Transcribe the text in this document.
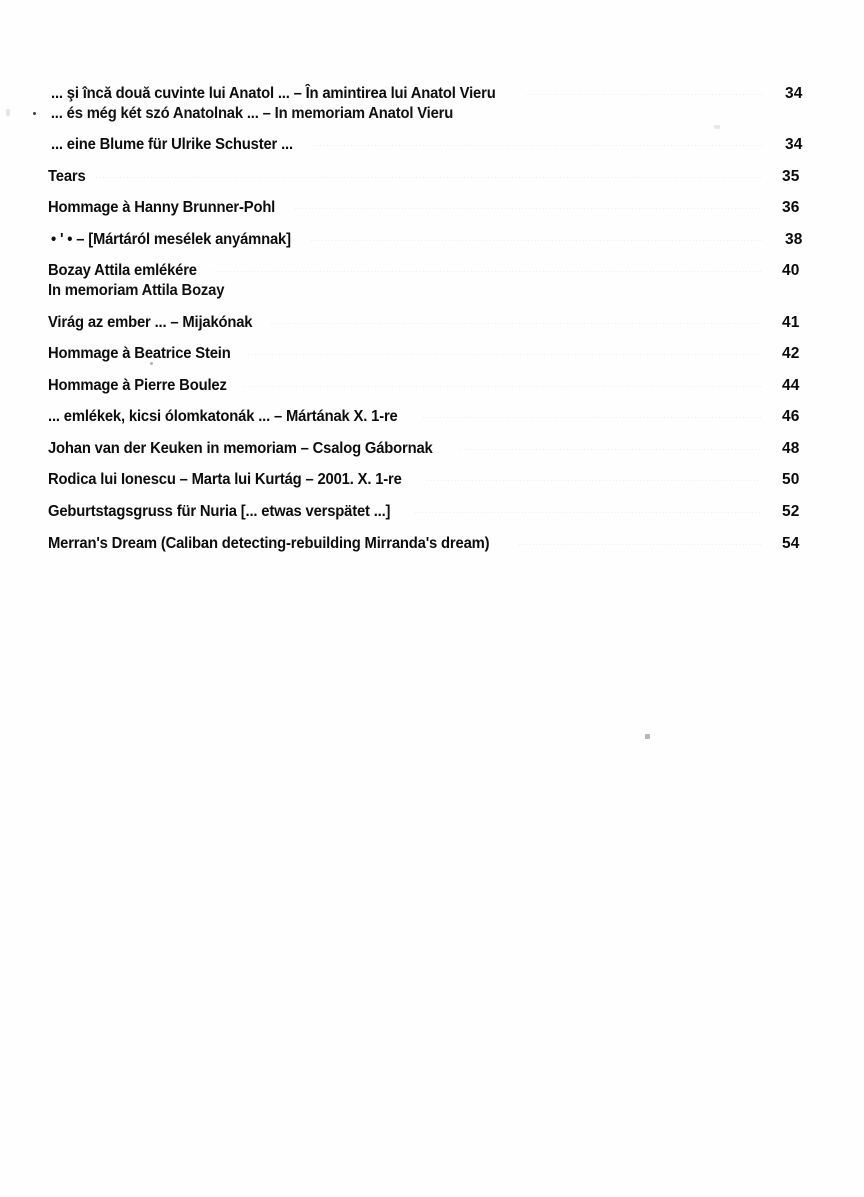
... şi încă două cuvinte lui Anatol ... – În amintirea lui Anatol Vieru	34
... és még két szó Anatolnak ... – In memoriam Anatol Vieru
... eine Blume für Ulrike Schuster ...	34
Tears	35
Hommage à Hanny Brunner-Pohl	36
• ' • – [Mártáról mesélek anyámnak]	38
Bozay Attila emlékére	40
In memoriam Attila Bozay
Virág az ember ... – Mijakónak	41
Hommage à Beatrice Stein	42
Hommage à Pierre Boulez	44
... emlékek, kicsi ólomkatonák ... – Mártának X. 1-re	46
Johan van der Keuken in memoriam – Csalog Gábornak	48
Rodica lui Ionescu – Marta lui Kurtág – 2001. X. 1-re	50
Geburtstagsgruss für Nuria [... etwas verspätet ...]	52
Merran's Dream (Caliban detecting-rebuilding Mirranda's dream)	54
